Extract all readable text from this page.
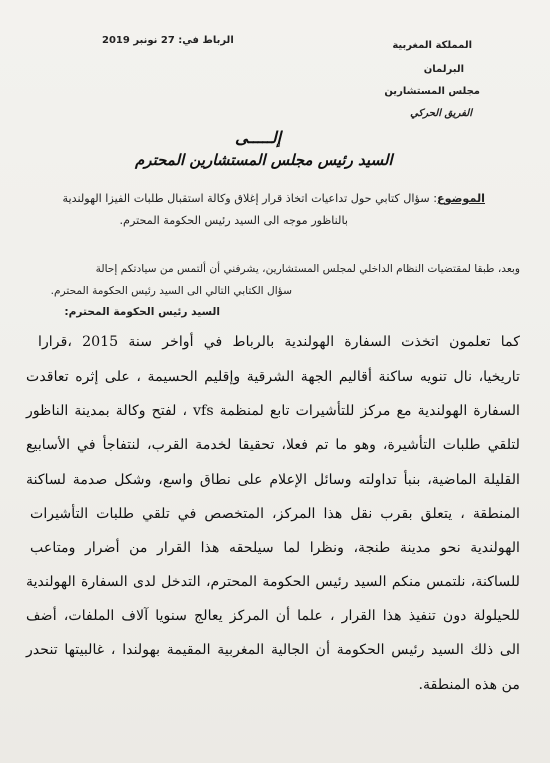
المملكة المغربية
البرلمان
مجلس المستشارين
الفريق الحركي
الرباط في: 27 نونبر 2019
إلـــــى
السيد رئيس مجلس المستشارين المحترم
الموضوع: سؤال كتابي حول تداعيات اتخاذ قرار إغلاق وكالة استقبال طلبات الفيزا الهولندية
بالناظور موجه الى السيد رئيس الحكومة المحترم.
وبعد، طبقا لمقتضيات النظام الداخلي لمجلس المستشارين، يشرفني أن ألتمس من سيادتكم إحالة
سؤال الكتابي التالي الى السيد رئيس الحكومة المحترم.
السيد رئيس الحكومة المحترم:
كما تعلمون اتخذت السفارة الهولندية بالرباط في أواخر سنة 2015 ،قرارا
تاريخيا، نال تنويه ساكنة أقاليم الجهة الشرقية وإقليم الحسيمة ، على إثره تعاقدت
السفارة الهولندية مع مركز للتأشيرات تابع لمنظمة vfs ، لفتح وكالة بمدينة الناظور
لتلقي طلبات التأشيرة، وهو ما تم فعلا، تحقيقا لخدمة القرب، لنتفاجأ في الأسابيع
القليلة الماضية، بنبأ تداولته وسائل الإعلام على نطاق واسع، وشكل صدمة لساكنة
المنطقة ، يتعلق بقرب نقل هذا المركز، المتخصص في تلقي طلبات التأشيرات
الهولندية نحو مدينة طنجة، ونظرا لما سيلحقه هذا القرار من أضرار ومتاعب
للساكنة، نلتمس منكم السيد رئيس الحكومة المحترم، التدخل لدى السفارة الهولندية
للحيلولة دون تنفيذ هذا القرار ، علما أن المركز يعالج سنويا آلاف الملفات، أضف
الى ذلك السيد رئيس الحكومة أن الجالية المغربية المقيمة بهولندا ، غالبيتها تنحدر
من هذه المنطقة.
